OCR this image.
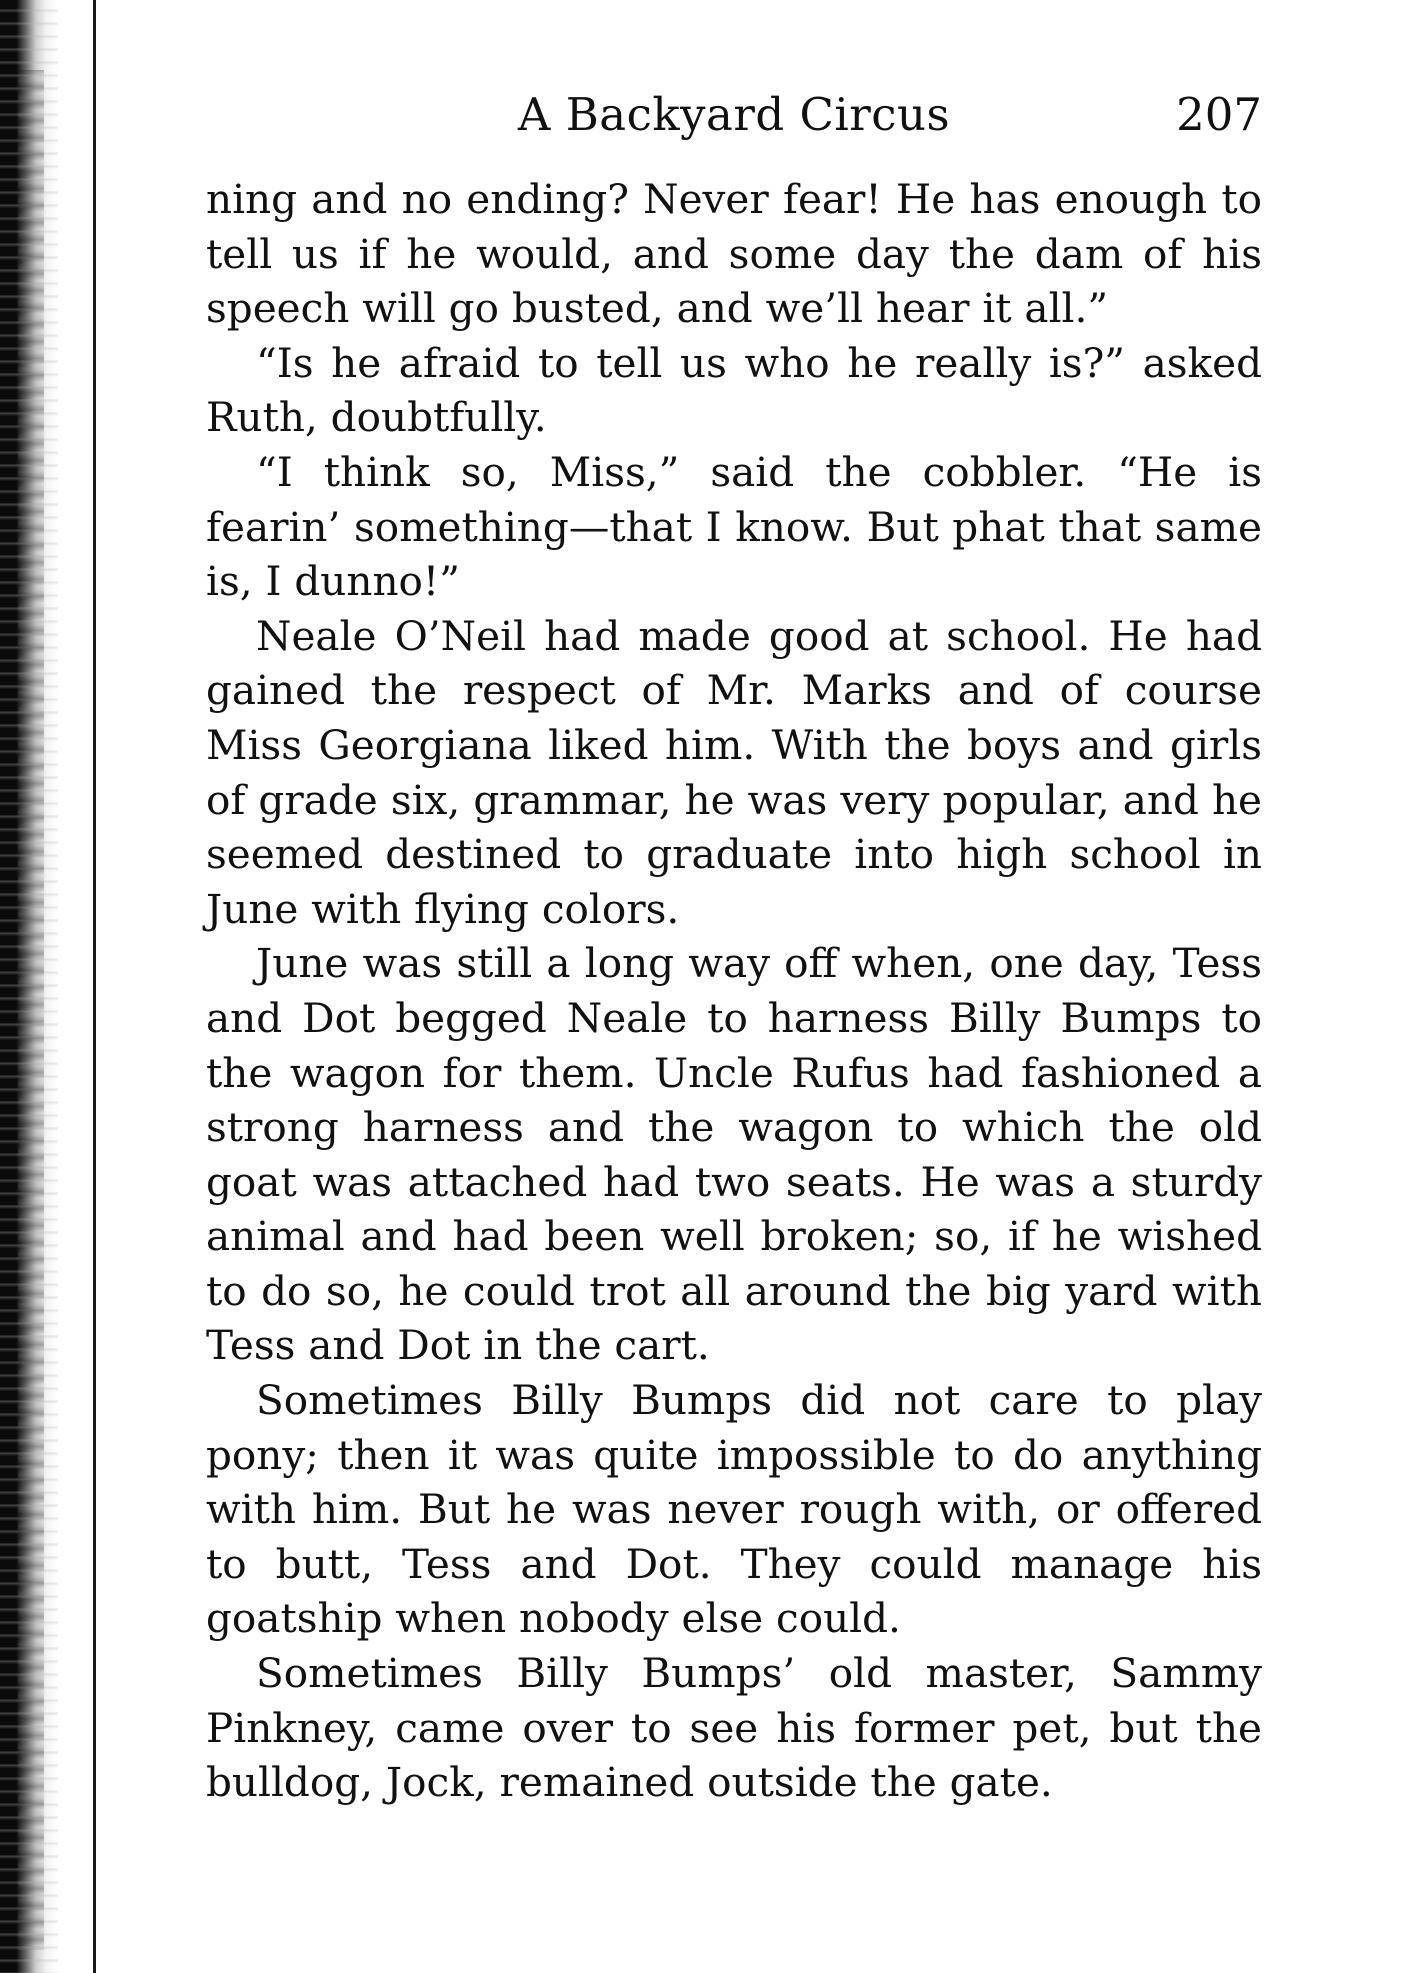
A Backyard Circus	207

ning and no ending? Never fear! He has enough to tell us if he would, and some day the dam of his speech will go busted, and we’ll hear it all.”

“Is he afraid to tell us who he really is?” asked Ruth, doubtfully.

“I think so, Miss,” said the cobbler. “He is fearin’ something—that I know. But phat that same is, I dunno!”

Neale O’Neil had made good at school. He had gained the respect of Mr. Marks and of course Miss Georgiana liked him. With the boys and girls of grade six, grammar, he was very popular, and he seemed destined to graduate into high school in June with flying colors.

June was still a long way off when, one day, Tess and Dot begged Neale to harness Billy Bumps to the wagon for them. Uncle Rufus had fashioned a strong harness and the wagon to which the old goat was attached had two seats. He was a sturdy animal and had been well broken; so, if he wished to do so, he could trot all around the big yard with Tess and Dot in the cart.

Sometimes Billy Bumps did not care to play pony; then it was quite impossible to do anything with him. But he was never rough with, or offered to butt, Tess and Dot. They could manage his goatship when nobody else could.

Sometimes Billy Bumps’ old master, Sammy Pinkney, came over to see his former pet, but the bulldog, Jock, remained outside the gate.
